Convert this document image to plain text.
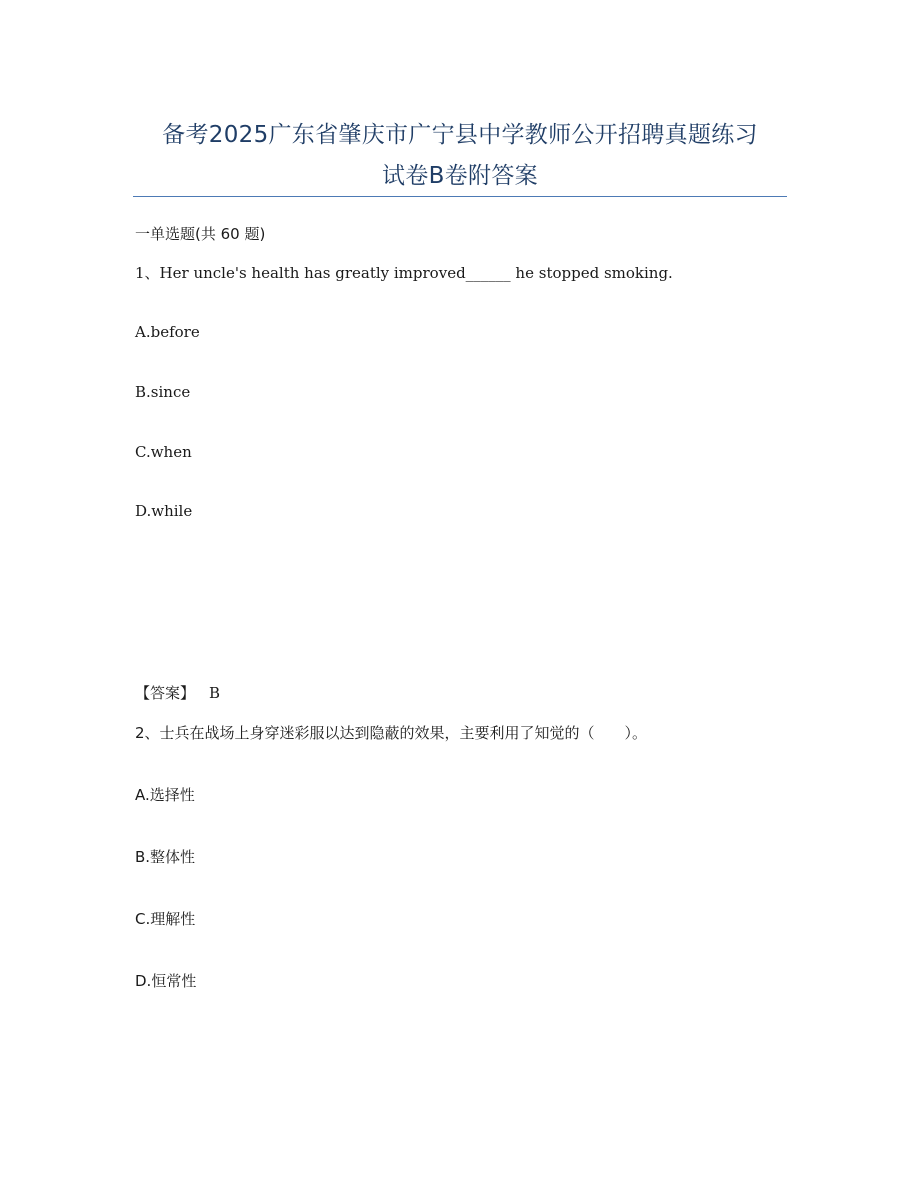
备考2025广东省肇庆市广宁县中学教师公开招聘真题练习
试卷B卷附答案
一单选题(共 60 题)
1、Her uncle's health has greatly improved______ he stopped smoking.
A.before
B.since
C.when
D.while
【答案】 B
2、士兵在战场上身穿迷彩服以达到隐蔽的效果，主要利用了知觉的（　　）。
A.选择性
B.整体性
C.理解性
D.恒常性
